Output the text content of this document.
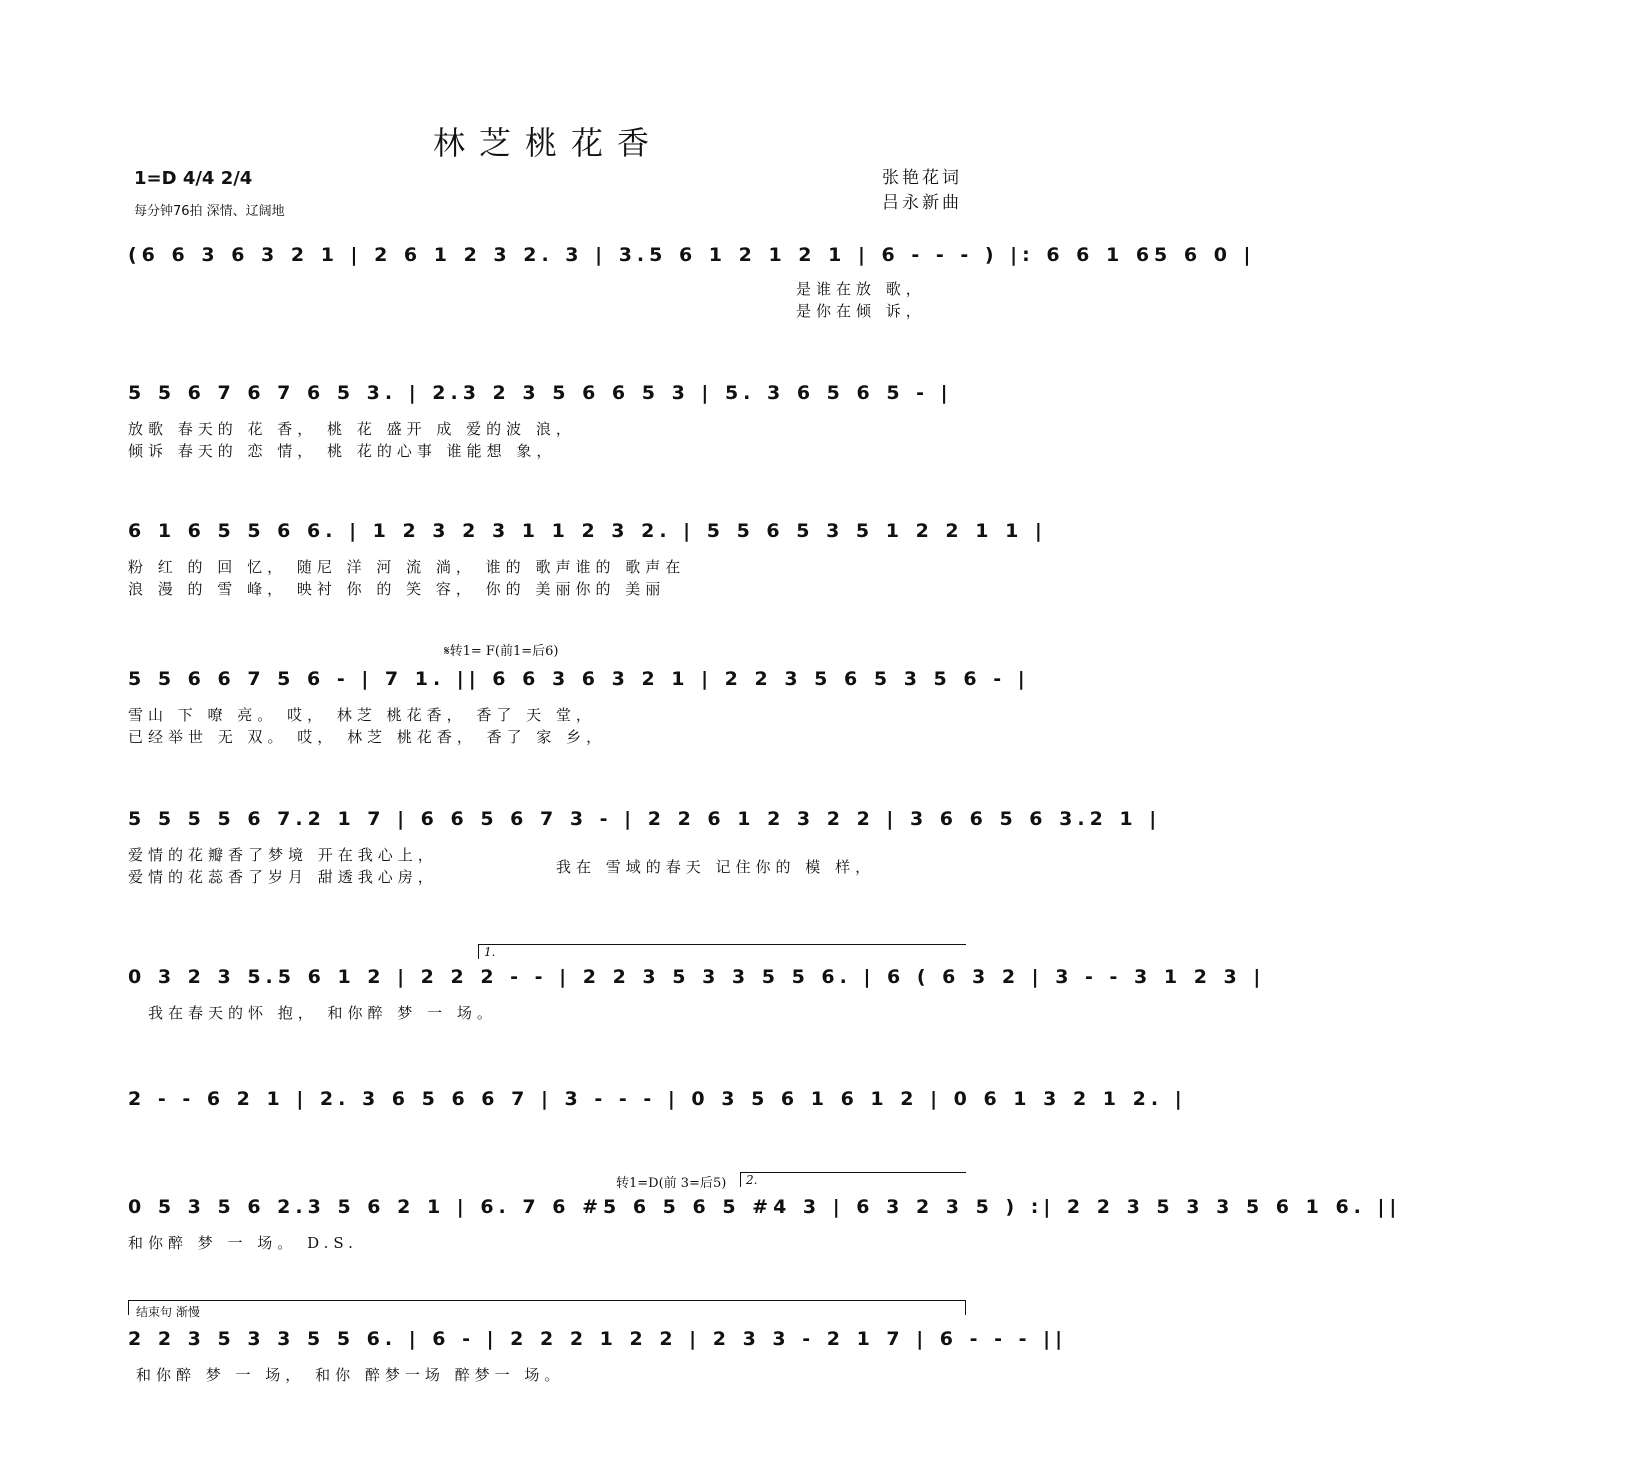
林芝桃花香
1=D 4/4 2/4
每分钟76拍 深情、辽阔地
张艳花词
吕永新曲
(6 6 3 6 3 2 1 | 2 6 1 2 3 2. 3 | 3.5 6 1 2 1 2 1 | 6 - - - ) |: 6 6 1 65 6 0 |
是谁在放 歌，
是你在倾 诉，
5 5 6 7 6 7 6 5 3. | 2.3 2 3 5 6 6 5 3 | 5. 3 6 5 6 5 - |
放歌 春天的 花 香， 桃 花 盛开 成 爱的波 浪，
倾诉 春天的 恋 情， 桃 花的心事 谁能想 象，
6 1 6 5 5 6 6. | 1 2 3 2 3 1 1 2 3 2. | 5 5 6 5 3 5 1 2 2 1 1 |
粉 红 的 回 忆， 随尼 洋 河 流 淌， 谁的 歌声谁的 歌声在
浪 漫 的 雪 峰， 映衬 你 的 笑 容， 你的 美丽你的 美丽
𝄋转1= F(前1=后6)
5 5 6 6 7 5 6 - | 7 1. || 6 6 3 6 3 2 1 | 2 2 3 5 6 5 3 5 6 - |
雪山 下 嘹 亮。 哎， 林芝 桃花香， 香了 天 堂，
已经举世 无 双。 哎， 林芝 桃花香， 香了 家 乡，
5 5 5 5 6 7.2 1 7 | 6 6 5 6 7 3 - | 2 2 6 1 2 3 2 2 | 3 6 6 5 6 3.2 1 |
爱情的花瓣香了梦境 开在我心上，
爱情的花蕊香了岁月 甜透我心房，
我在 雪域的春天 记住你的 模 样，
1.
0 3 2 3 5.5 6 1 2 | 2 2 2 - - | 2 2 3 5 3 3 5 5 6. | 6 ( 6 3 2 | 3 - - 3 1 2 3 |
我在春天的怀 抱， 和你醉 梦 一 场。
2 - - 6 2 1 | 2. 3 6 5 6 6 7 | 3 - - - | 0 3 5 6 1 6 1 2 | 0 6 1 3 2 1 2. |
转1=D(前 3=后5) 2.
0 5 3 5 6 2.3 5 6 2 1 | 6. 7 6 #5 6 5 6 5 #4 3 | 6 3 2 3 5 ) :| 2 2 3 5 3 3 5 6 1 6. ||
和你醉 梦 一 场。 D.S.
结束句 渐慢
2 2 3 5 3 3 5 5 6. | 6 - | 2 2 2 1 2 2 | 2 3 3 - 2 1 7 | 6 - - - ||
和你醉 梦 一 场， 和你 醉梦一场 醉梦一 场。
